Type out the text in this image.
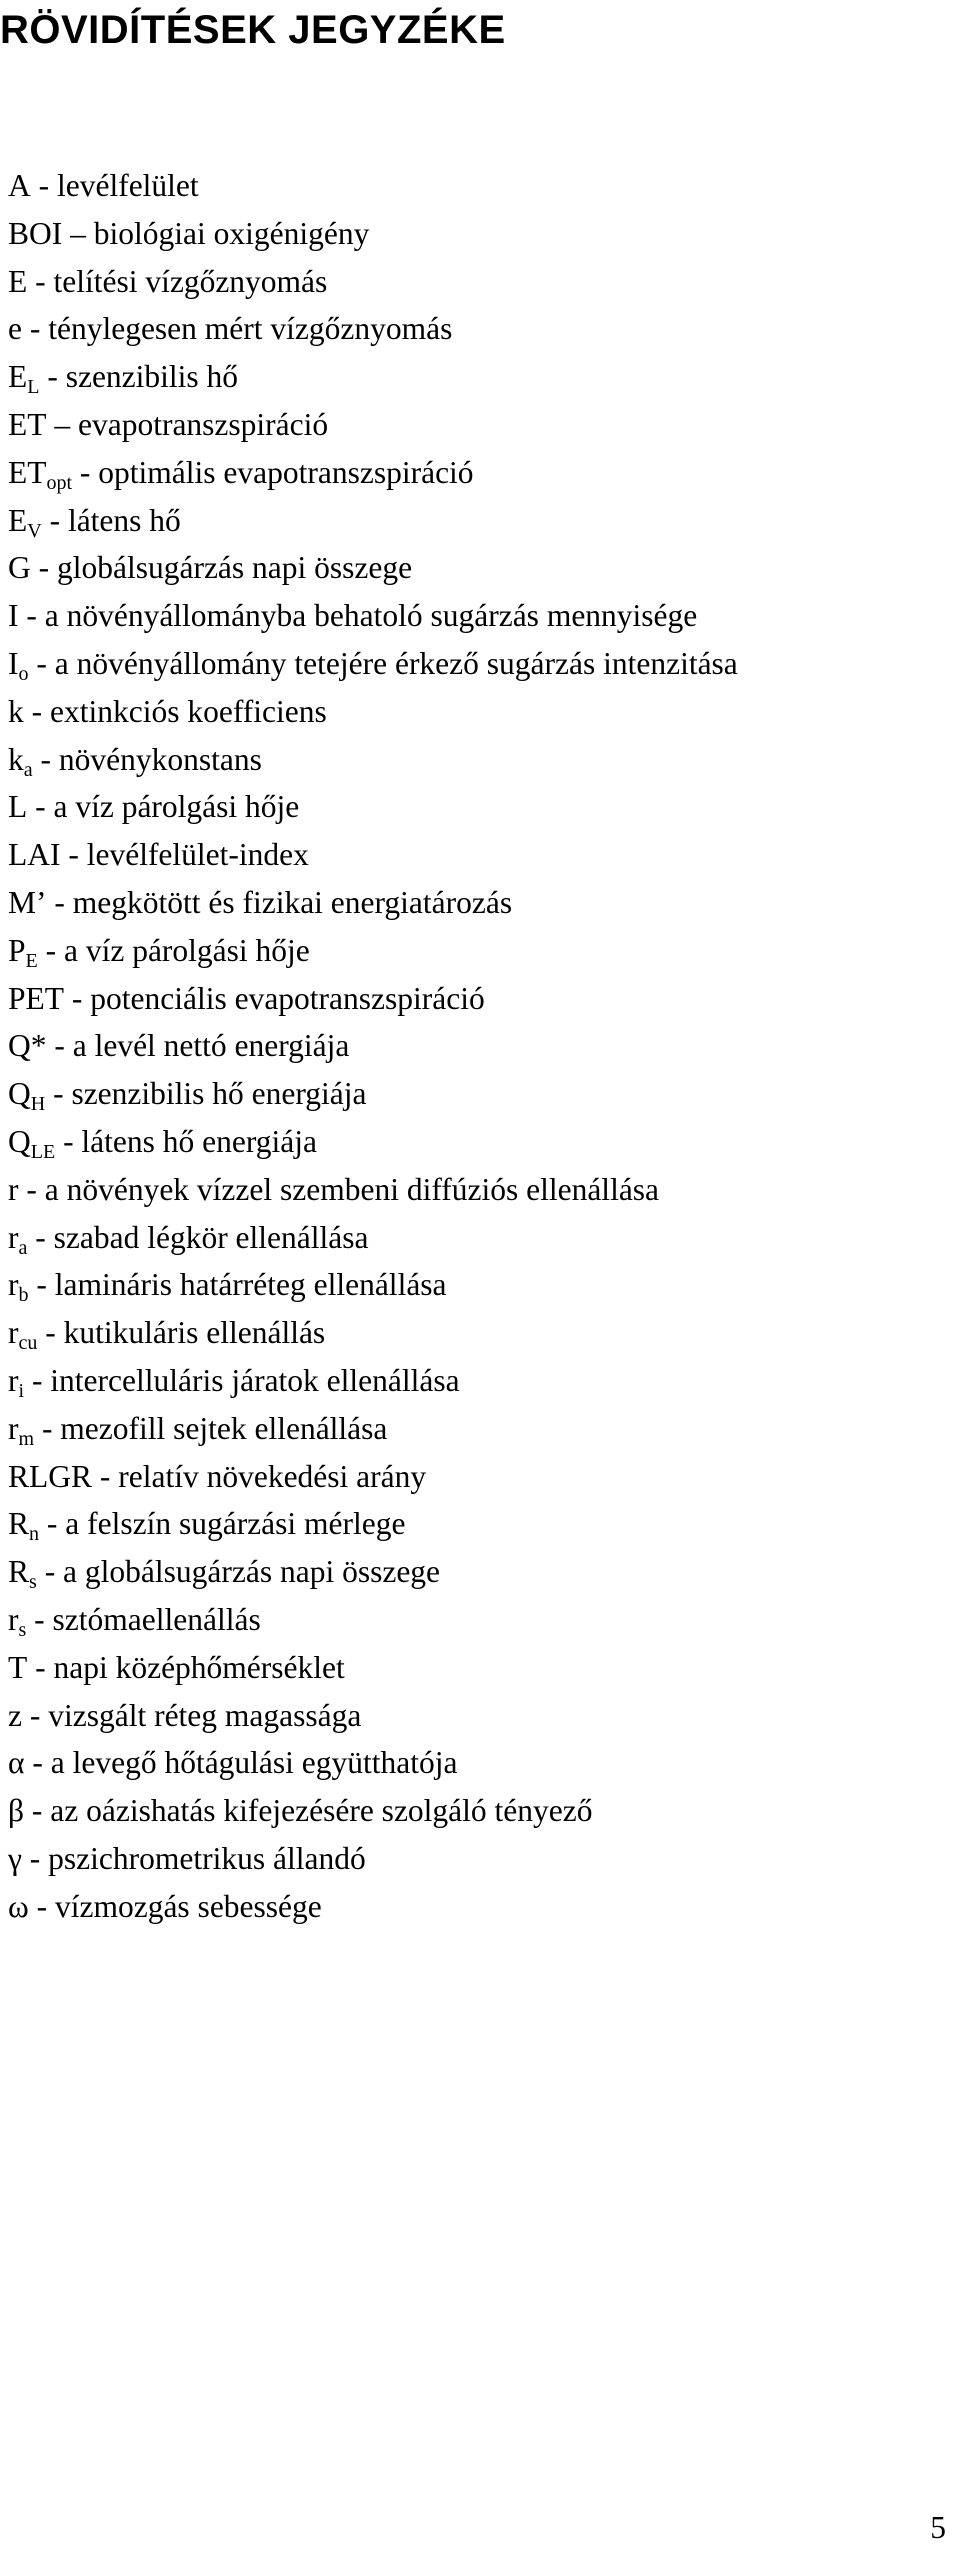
RÖVIDÍTÉSEK JEGYZÉKE
A - levélfelület
BOI – biológiai oxigénigény
E - telítési vízgőznyomás
e - ténylegesen mért vízgőznyomás
$E_L$ - szenzibilis hő
ET – evapotranszspiráció
$ET_{opt}$ - optimális evapotranszspiráció
$E_V$ - látens hő
G - globálsugárzás napi összege
I - a növényállományba behatoló sugárzás mennyisége
$I_o$ - a növényállomány tetejére érkező sugárzás intenzitása
k - extinkciós koefficiens
$k_a$ - növénykonstans
L - a víz párolgási hője
LAI - levélfelület-index
M’ - megkötött és fizikai energiatározás
$P_E$ - a víz párolgási hője
PET - potenciális evapotranszspiráció
Q* - a levél nettó energiája
$Q_H$ - szenzibilis hő energiája
$Q_{LE}$ - látens hő energiája
r - a növények vízzel szembeni diffúziós ellenállása
$r_a$ - szabad légkör ellenállása
$r_b$ - lamináris határréteg ellenállása
$r_{cu}$ - kutikuláris ellenállás
$r_i$ - intercelluláris járatok ellenállása
$r_m$ - mezofill sejtek ellenállása
RLGR - relatív növekedési arány
$R_n$ - a felszín sugárzási mérlege
$R_s$ - a globálsugárzás napi összege
$r_s$ - sztómaellenállás
T - napi középhőmérséklet
z - vizsgált réteg magassága
α - a levegő hőtágulási együtthatója
β - az oázishatás kifejezésére szolgáló tényező
γ - pszichrometrikus állandó
ω - vízmozgás sebessége
5
